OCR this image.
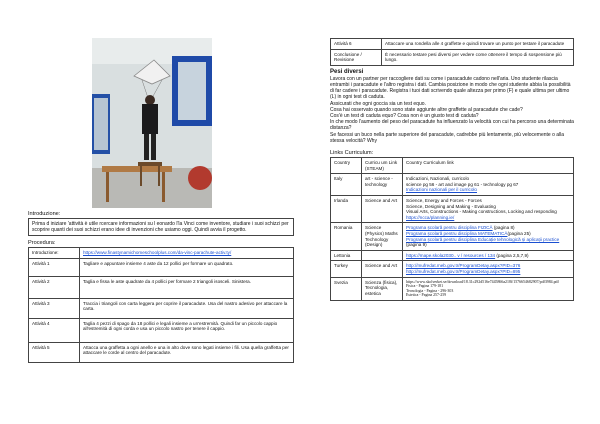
Introduzione:
Prima d iniziare 'attività è utile rcercare informazioni su l eonardo l'la Vinci come inventore, studiare i suoi schizzi per scoprire quanti dei suoi schizzi erano idee di invenzioni che usiamo oggi. Quindi avvia il progetto.
Procedura:
Introduzione:	https://www.finastynamichomeschoolplus.com/da-vinc-parachute-activ.ty/
Attività 1	Tagliare e appuntare insieme 4 aste da 12 pollici per formare un quadrato.
Attività 2	Taglia e fissa le aste quadrate da 4 pollici per formare 2 triangoli isosceli. Sinistera.
Attività 3	Traccia i triangoli con carta leggera per coprire il paracadute. Usa del nastro adesivo per attaccare la carta.
Attività 4	Taglia 4 pezzi di spago da 18 pollici e legali insieme a un'estremità. Quindi far un piccolo cappio all'estremità di ogni corda e usa un piccolo nastro per tenere il cappio.
Attività 5	Attacca una graffetta a ogni anello e una in alto dove sono legati insieme i fili. Usa quella graffetta per attaccare le corde al centro del paracadute.
Attività 6	Attaccare una rondella alle 4 graffette e quindi trovare un punto per testare il paracadute
Conclusione / Revisione	È necessario testare pesi diversi per vedere come ottenere il tempo di sospensione più lungo.
Pesi diversi
Lavora con un partner per raccogliere dati su come i paracadute cadono nell'aria. Uno studente rilascia entrambi i paracadute e l'altro registra i dati. Cambia posizione in modo che ogni studente abbia la possibilità di far cadere i paracadute. Registra i tuoi dati scrivendo quale altezza per primo (F) e quale ultima per ultimo (L) in ogni test di caduta.
Assicurati che ogni goccia sia un test equo.
Cosa hai osservato quando sono state aggiunte altre graffette al paracadute che cade?
Cos'è un test di caduta equo? Cosa non è un giusto test di caduta?
In che modo l'aumento del peso del paracadute ha influenzato la velocità con cui ha percorso una determinata distanza?
Se facessi un buco nella parte superiore del paracadute, cadrebbe più lentamente, più velocemente o alla stessa velocità? Why
Links Curriculum:
Country	Curricu um Link (STEAM)	Country Curriculum link
Italy	art - science - technology	Indicazioni, Nazionali, curricolo
science pg 56 - art and image pg 61 - technology pg 67
Indicazioni nazionali per il curricolo

Irlanda	Science and Art	Science, Energy and Forces - Forces
Science, Designing and Making - Evaluating
Visual Arts, Constructions - Making constructions, Locking and responding
https://ncca/planning.ie/

Romania	Science (Physics) Maths Technology (Design)	Programa școlară pentru disciplina FIZICĂ (pagina 8)
Programa școlară pentru disciplina MATEMATICĂ(pagina 25)
Programa școlară pentru disciplina Educație tehnologică și aplicații practice (pagina 9)

Lettonia		https://mape.skola2030.. v / resources / 134 (pagina 2,5,7,9)

Turkey	Science and Art	http://mufredat.meb.gov.tr/ProgramDetay.aspx?PID=376
http://mufredat.meb.gov.tr/ProgramDetay.aspx?PID=895

Svezia	Scienza (fisica), Tecnologia, estetica	https://www.skolverket.se/download/18.31c292d516e7445866a218f/1576654682907/pdf3984.pdf
Fisica - Pagina 179-181
Tecnologia - Pagina - 296-303
Estetica - Pagina 257-259
